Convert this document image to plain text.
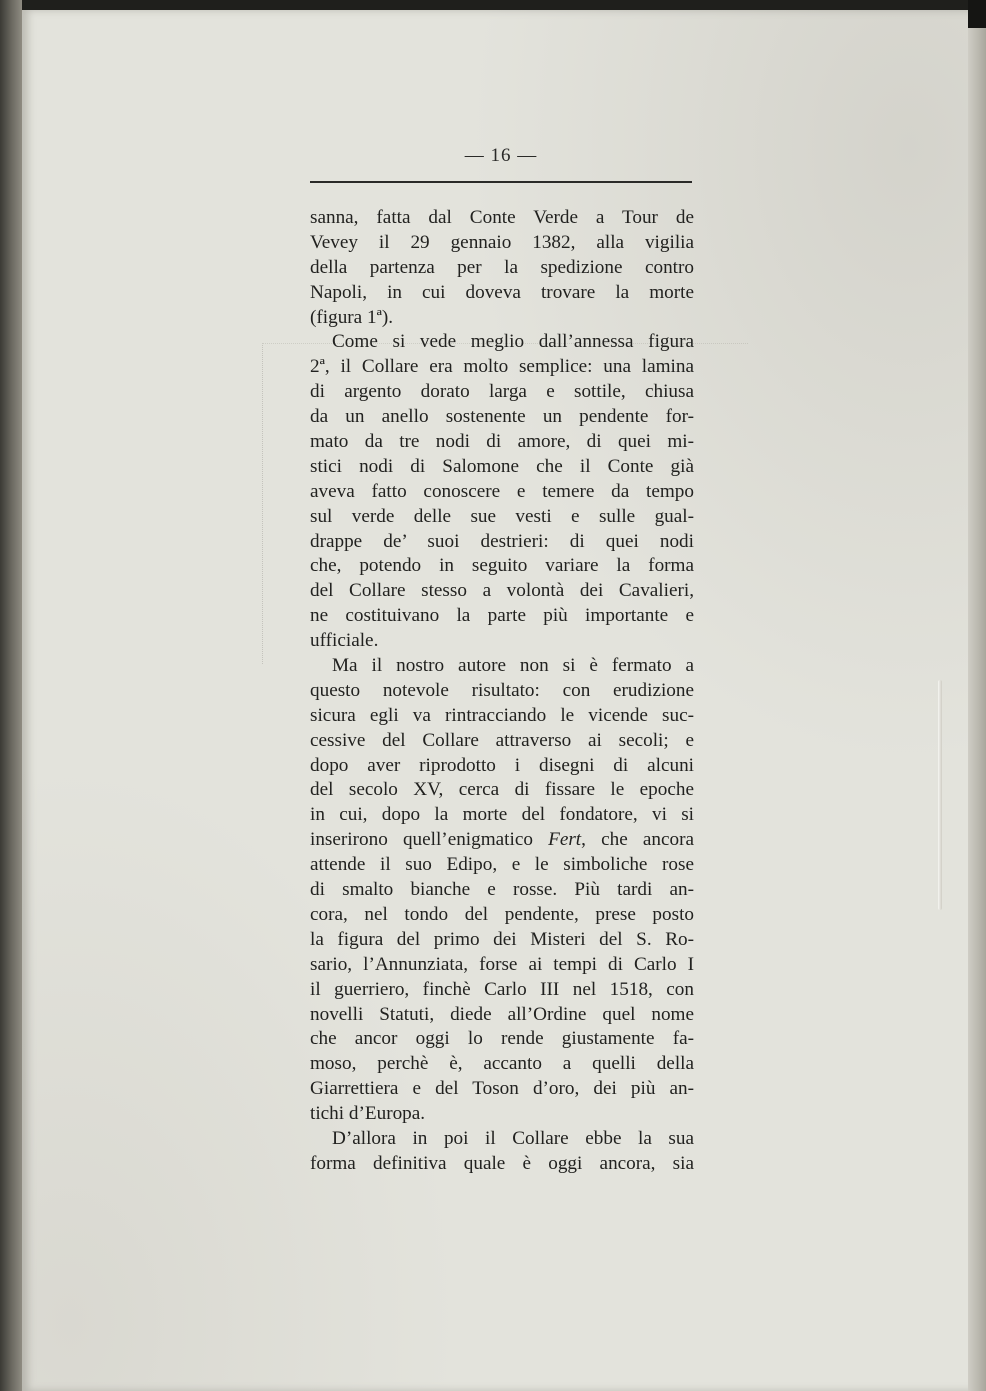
— 16 —
sanna, fatta dal Conte Verde a Tour de
Vevey il 29 gennaio 1382, alla vigilia
della partenza per la spedizione contro
Napoli, in cui doveva trovare la morte
(figura 1ª).
Come si vede meglio dall’annessa figura
2ª, il Collare era molto semplice: una lamina
di argento dorato larga e sottile, chiusa
da un anello sostenente un pendente for-
mato da tre nodi di amore, di quei mi-
stici nodi di Salomone che il Conte già
aveva fatto conoscere e temere da tempo
sul verde delle sue vesti e sulle gual-
drappe de’ suoi destrieri: di quei nodi
che, potendo in seguito variare la forma
del Collare stesso a volontà dei Cavalieri,
ne costituivano la parte più importante e
ufficiale.
Ma il nostro autore non si è fermato a
questo notevole risultato: con erudizione
sicura egli va rintracciando le vicende suc-
cessive del Collare attraverso ai secoli; e
dopo aver riprodotto i disegni di alcuni
del secolo XV, cerca di fissare le epoche
in cui, dopo la morte del fondatore, vi si
inserirono quell’enigmatico Fert, che ancora
attende il suo Edipo, e le simboliche rose
di smalto bianche e rosse. Più tardi an-
cora, nel tondo del pendente, prese posto
la figura del primo dei Misteri del S. Ro-
sario, l’Annunziata, forse ai tempi di Carlo I
il guerriero, finchè Carlo III nel 1518, con
novelli Statuti, diede all’Ordine quel nome
che ancor oggi lo rende giustamente fa-
moso, perchè è, accanto a quelli della
Giarrettiera e del Toson d’oro, dei più an-
tichi d’Europa.
D’allora in poi il Collare ebbe la sua
forma definitiva quale è oggi ancora, sia
